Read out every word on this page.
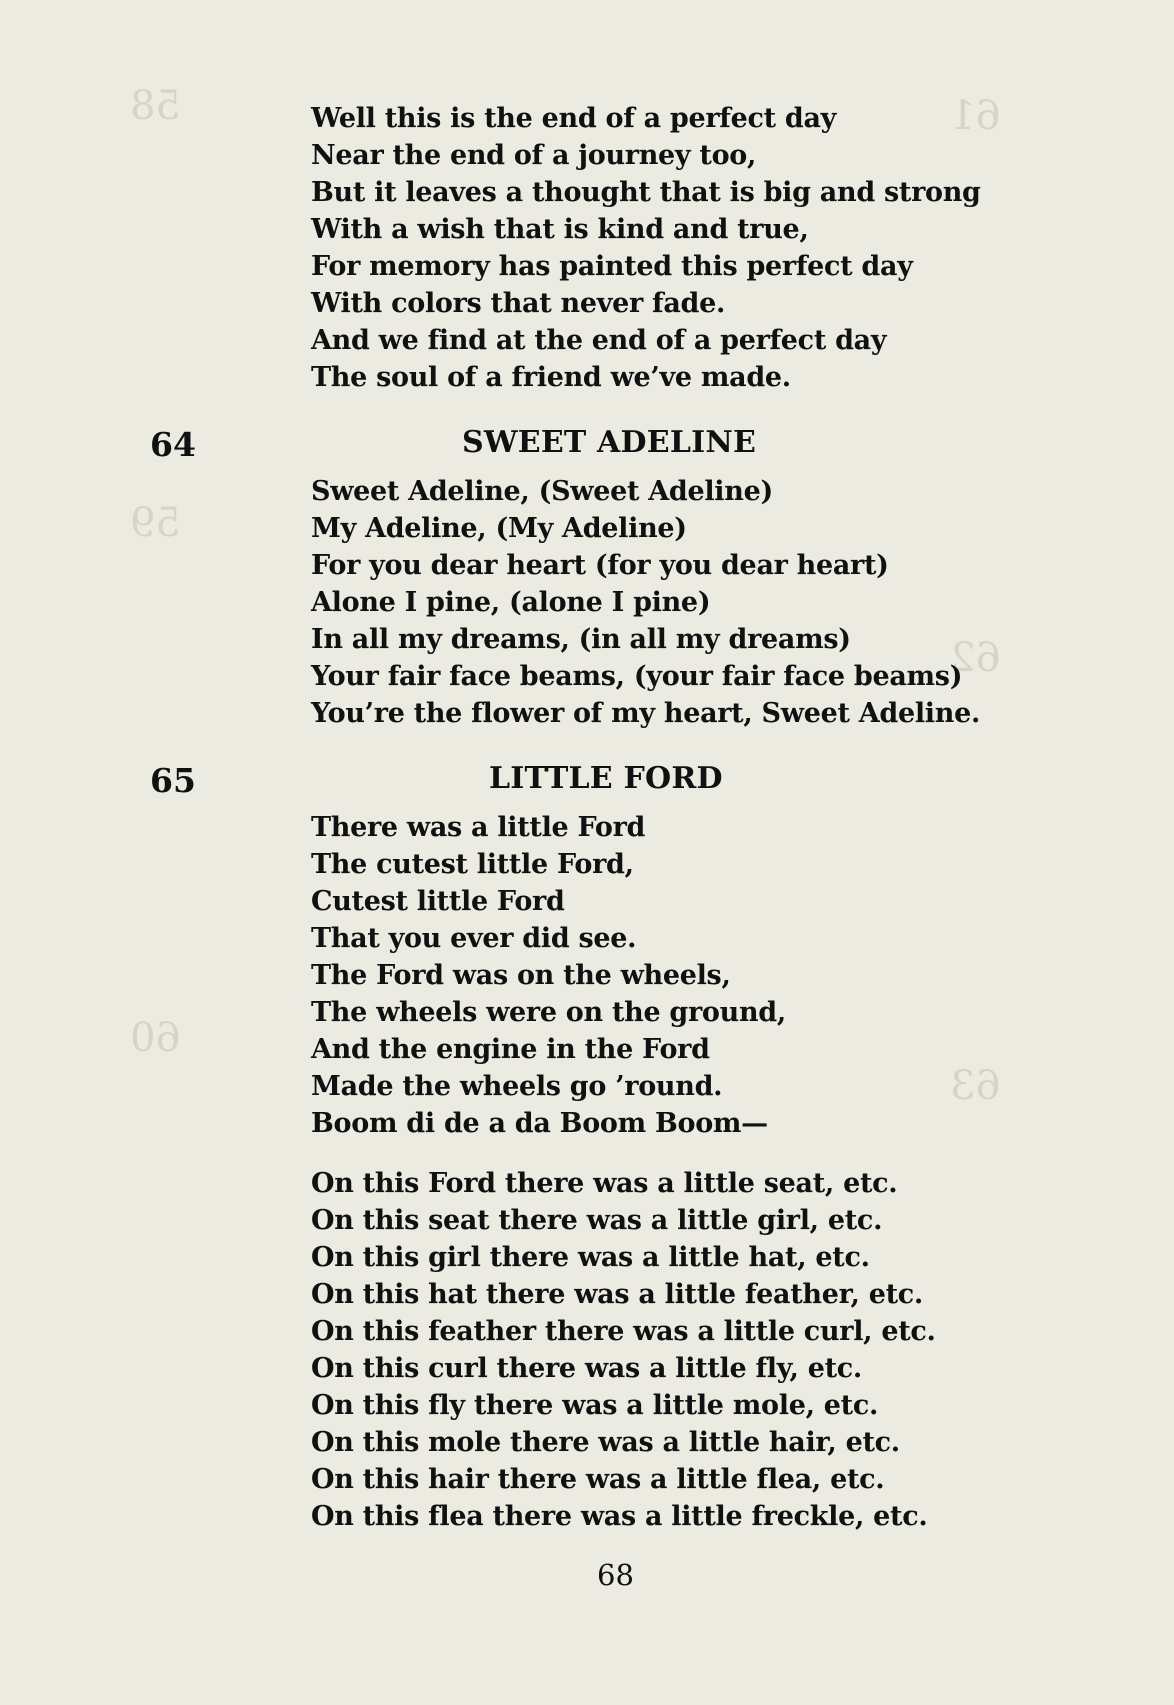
61
62
63
58
59
60
Well this is the end of a perfect day
Near the end of a journey too,
But it leaves a thought that is big and strong
With a wish that is kind and true,
For memory has painted this perfect day
With colors that never fade.
And we find at the end of a perfect day
The soul of a friend we’ve made.
64	SWEET ADELINE
Sweet Adeline, (Sweet Adeline)
My Adeline, (My Adeline)
For you dear heart (for you dear heart)
Alone I pine, (alone I pine)
In all my dreams, (in all my dreams)
Your fair face beams, (your fair face beams)
You’re the flower of my heart, Sweet Adeline.
65	LITTLE FORD
There was a little Ford
The cutest little Ford,
Cutest little Ford
That you ever did see.
The Ford was on the wheels,
The wheels were on the ground,
And the engine in the Ford
Made the wheels go ’round.
Boom di de a da Boom Boom—
On this Ford there was a little seat, etc.
On this seat there was a little girl, etc.
On this girl there was a little hat, etc.
On this hat there was a little feather, etc.
On this feather there was a little curl, etc.
On this curl there was a little fly, etc.
On this fly there was a little mole, etc.
On this mole there was a little hair, etc.
On this hair there was a little flea, etc.
On this flea there was a little freckle, etc.
68
